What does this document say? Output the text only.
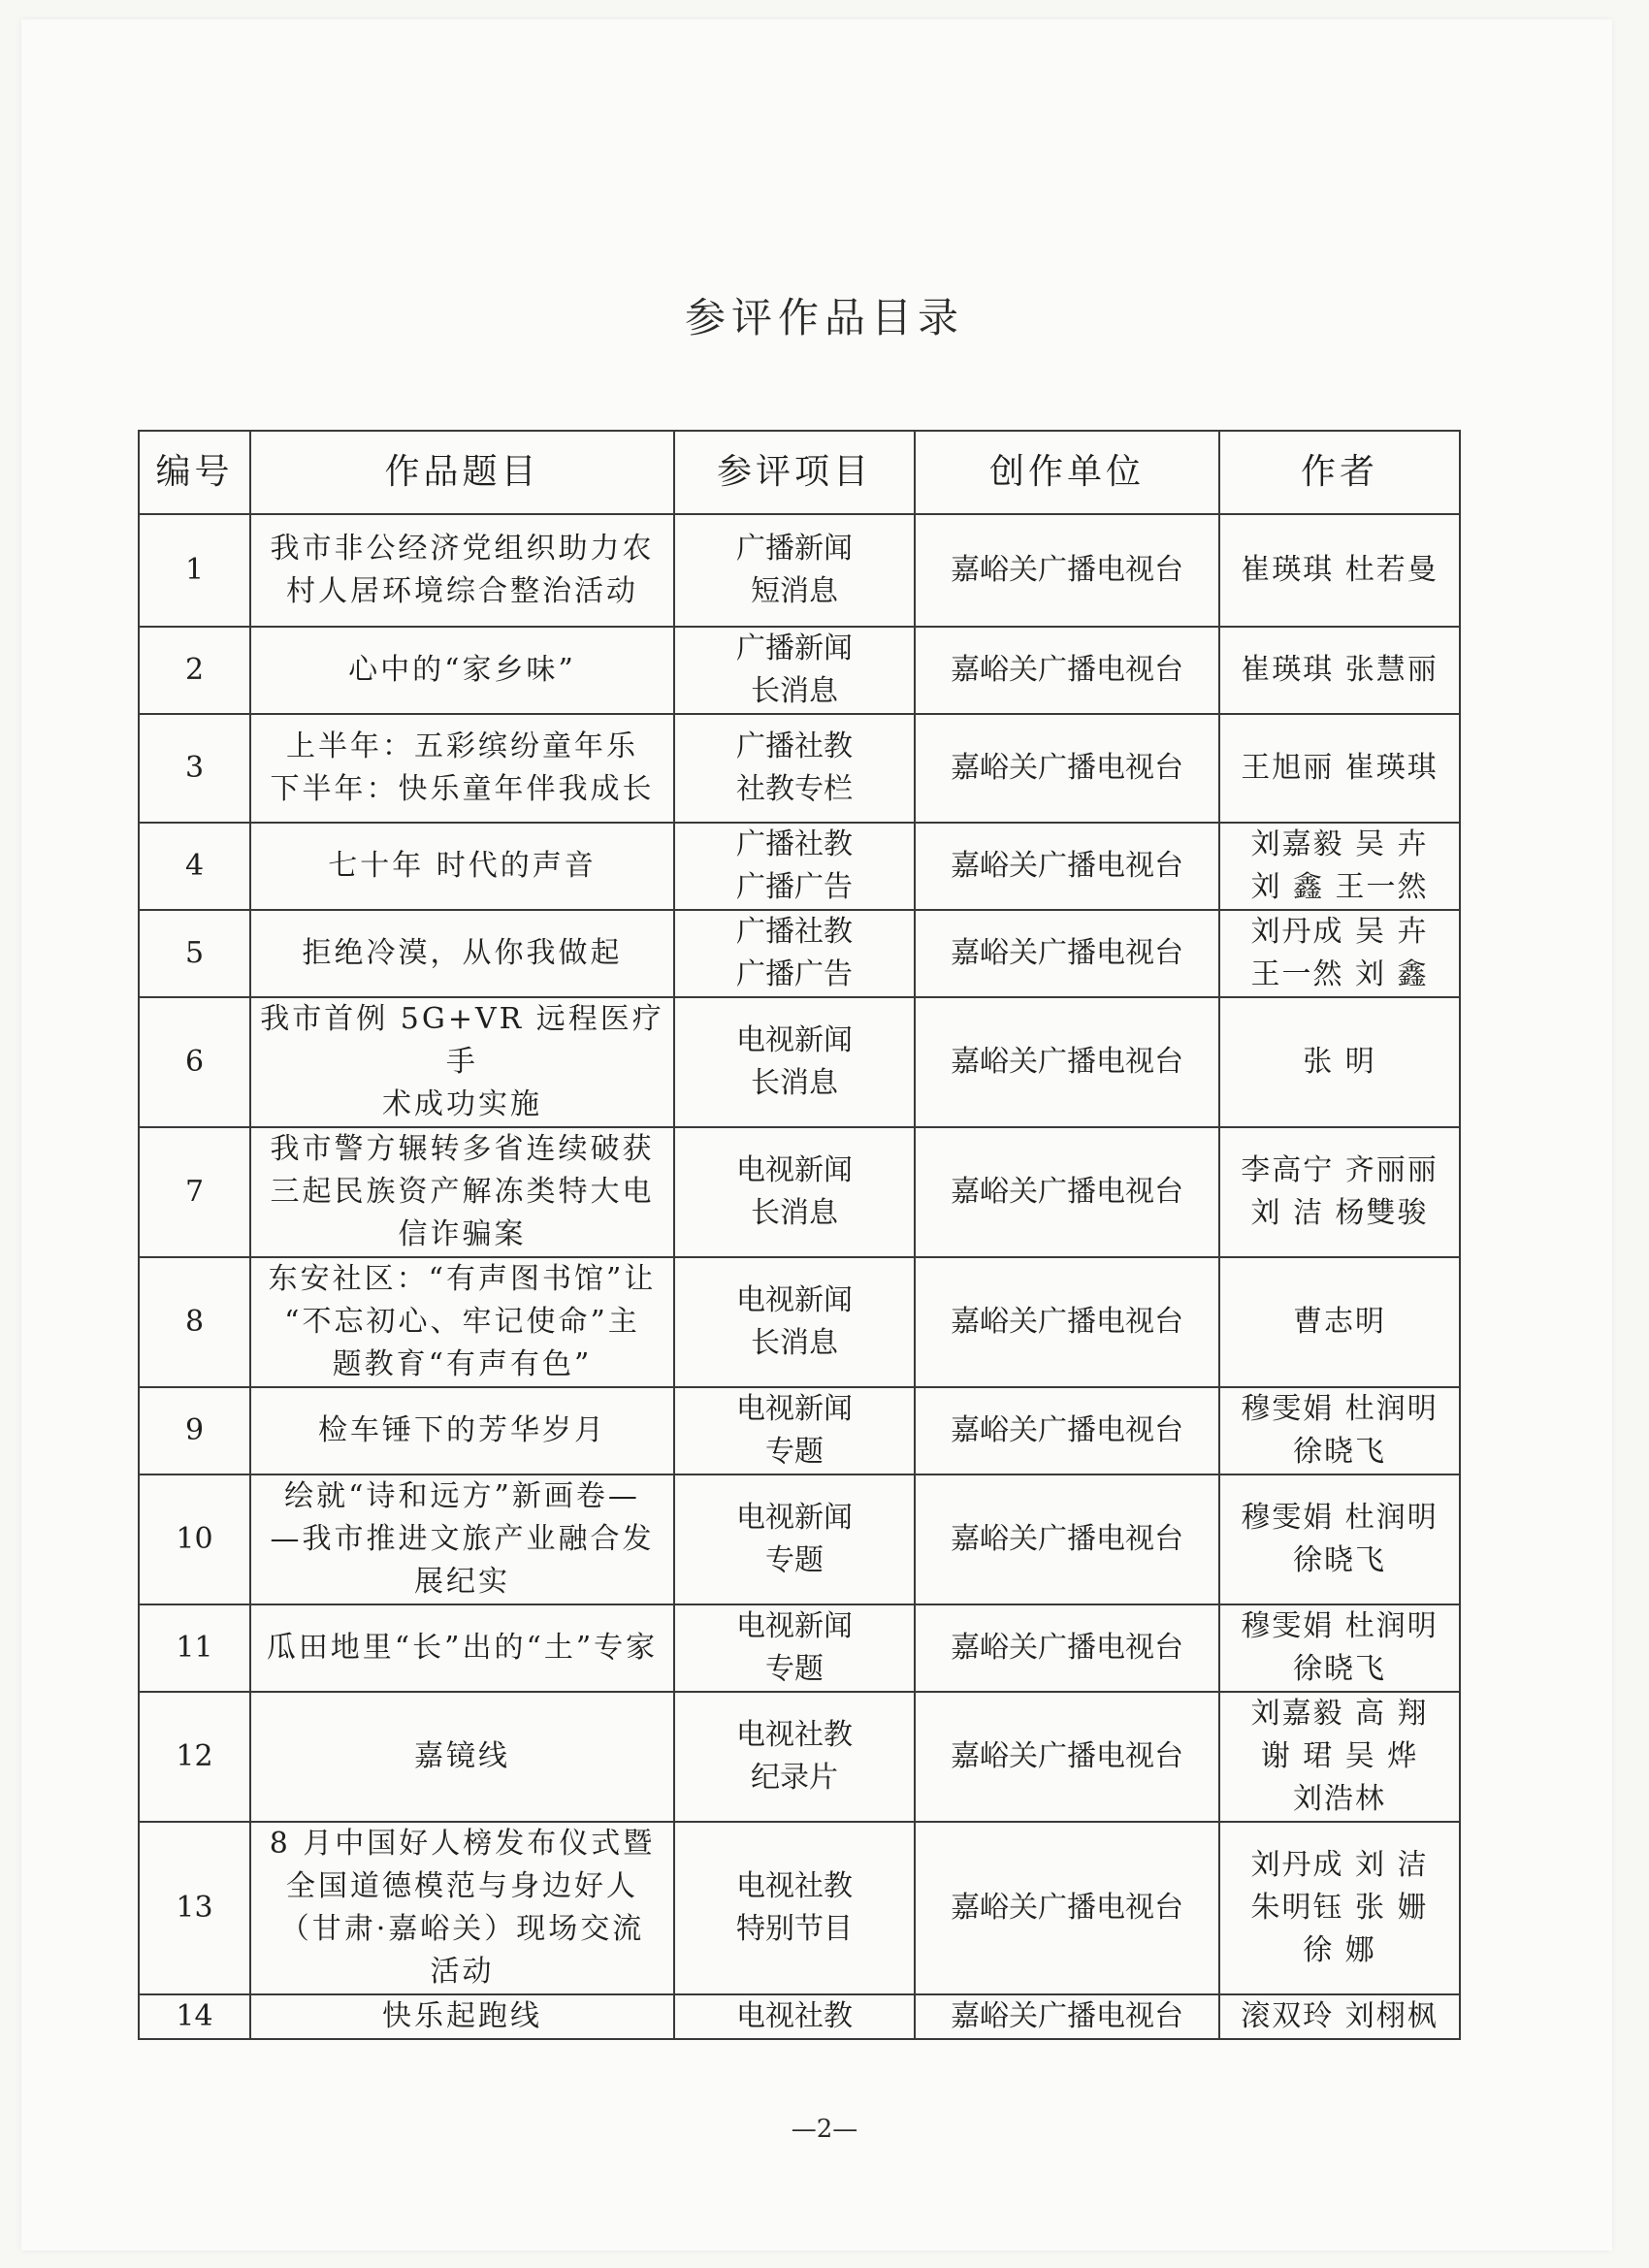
参评作品目录
编号	作品题目	参评项目	创作单位	作者
1	我市非公经济党组织助力农
村人居环境综合整治活动	广播新闻
短消息	嘉峪关广播电视台	崔瑛琪 杜若曼

2	心中的“家乡味”	广播新闻
长消息	嘉峪关广播电视台	崔瑛琪 张慧丽

3	上半年：五彩缤纷童年乐
下半年：快乐童年伴我成长	广播社教
社教专栏	嘉峪关广播电视台	王旭丽 崔瑛琪

4	七十年 时代的声音	广播社教
广播广告	嘉峪关广播电视台	刘嘉毅 吴 卉
刘 鑫 王一然

5	拒绝冷漠，从你我做起	广播社教
广播广告	嘉峪关广播电视台	刘丹成 吴 卉
王一然 刘 鑫

6	我市首例 5G+VR 远程医疗手
术成功实施	电视新闻
长消息	嘉峪关广播电视台	张 明

7	我市警方辗转多省连续破获
三起民族资产解冻类特大电
信诈骗案	电视新闻
长消息	嘉峪关广播电视台	李高宁 齐丽丽
刘 洁 杨雙骏

8	东安社区：“有声图书馆”让
“不忘初心、牢记使命”主
题教育“有声有色”	电视新闻
长消息	嘉峪关广播电视台	曹志明

9	检车锤下的芳华岁月	电视新闻
专题	嘉峪关广播电视台	穆雯娟 杜润明
徐晓飞

10	绘就“诗和远方”新画卷—
—我市推进文旅产业融合发
展纪实	电视新闻
专题	嘉峪关广播电视台	穆雯娟 杜润明
徐晓飞

11	瓜田地里“长”出的“土”专家	电视新闻
专题	嘉峪关广播电视台	穆雯娟 杜润明
徐晓飞

12	嘉镜线	电视社教
纪录片	嘉峪关广播电视台	刘嘉毅 高 翔
谢 珺 吴 烨
刘浩林

13	8 月中国好人榜发布仪式暨
全国道德模范与身边好人
（甘肃·嘉峪关）现场交流
活动	电视社教
特别节目	嘉峪关广播电视台	刘丹成 刘 洁
朱明钰 张 姗
徐 娜

14	快乐起跑线	电视社教	嘉峪关广播电视台	滚双玲 刘栩枫
—2—
